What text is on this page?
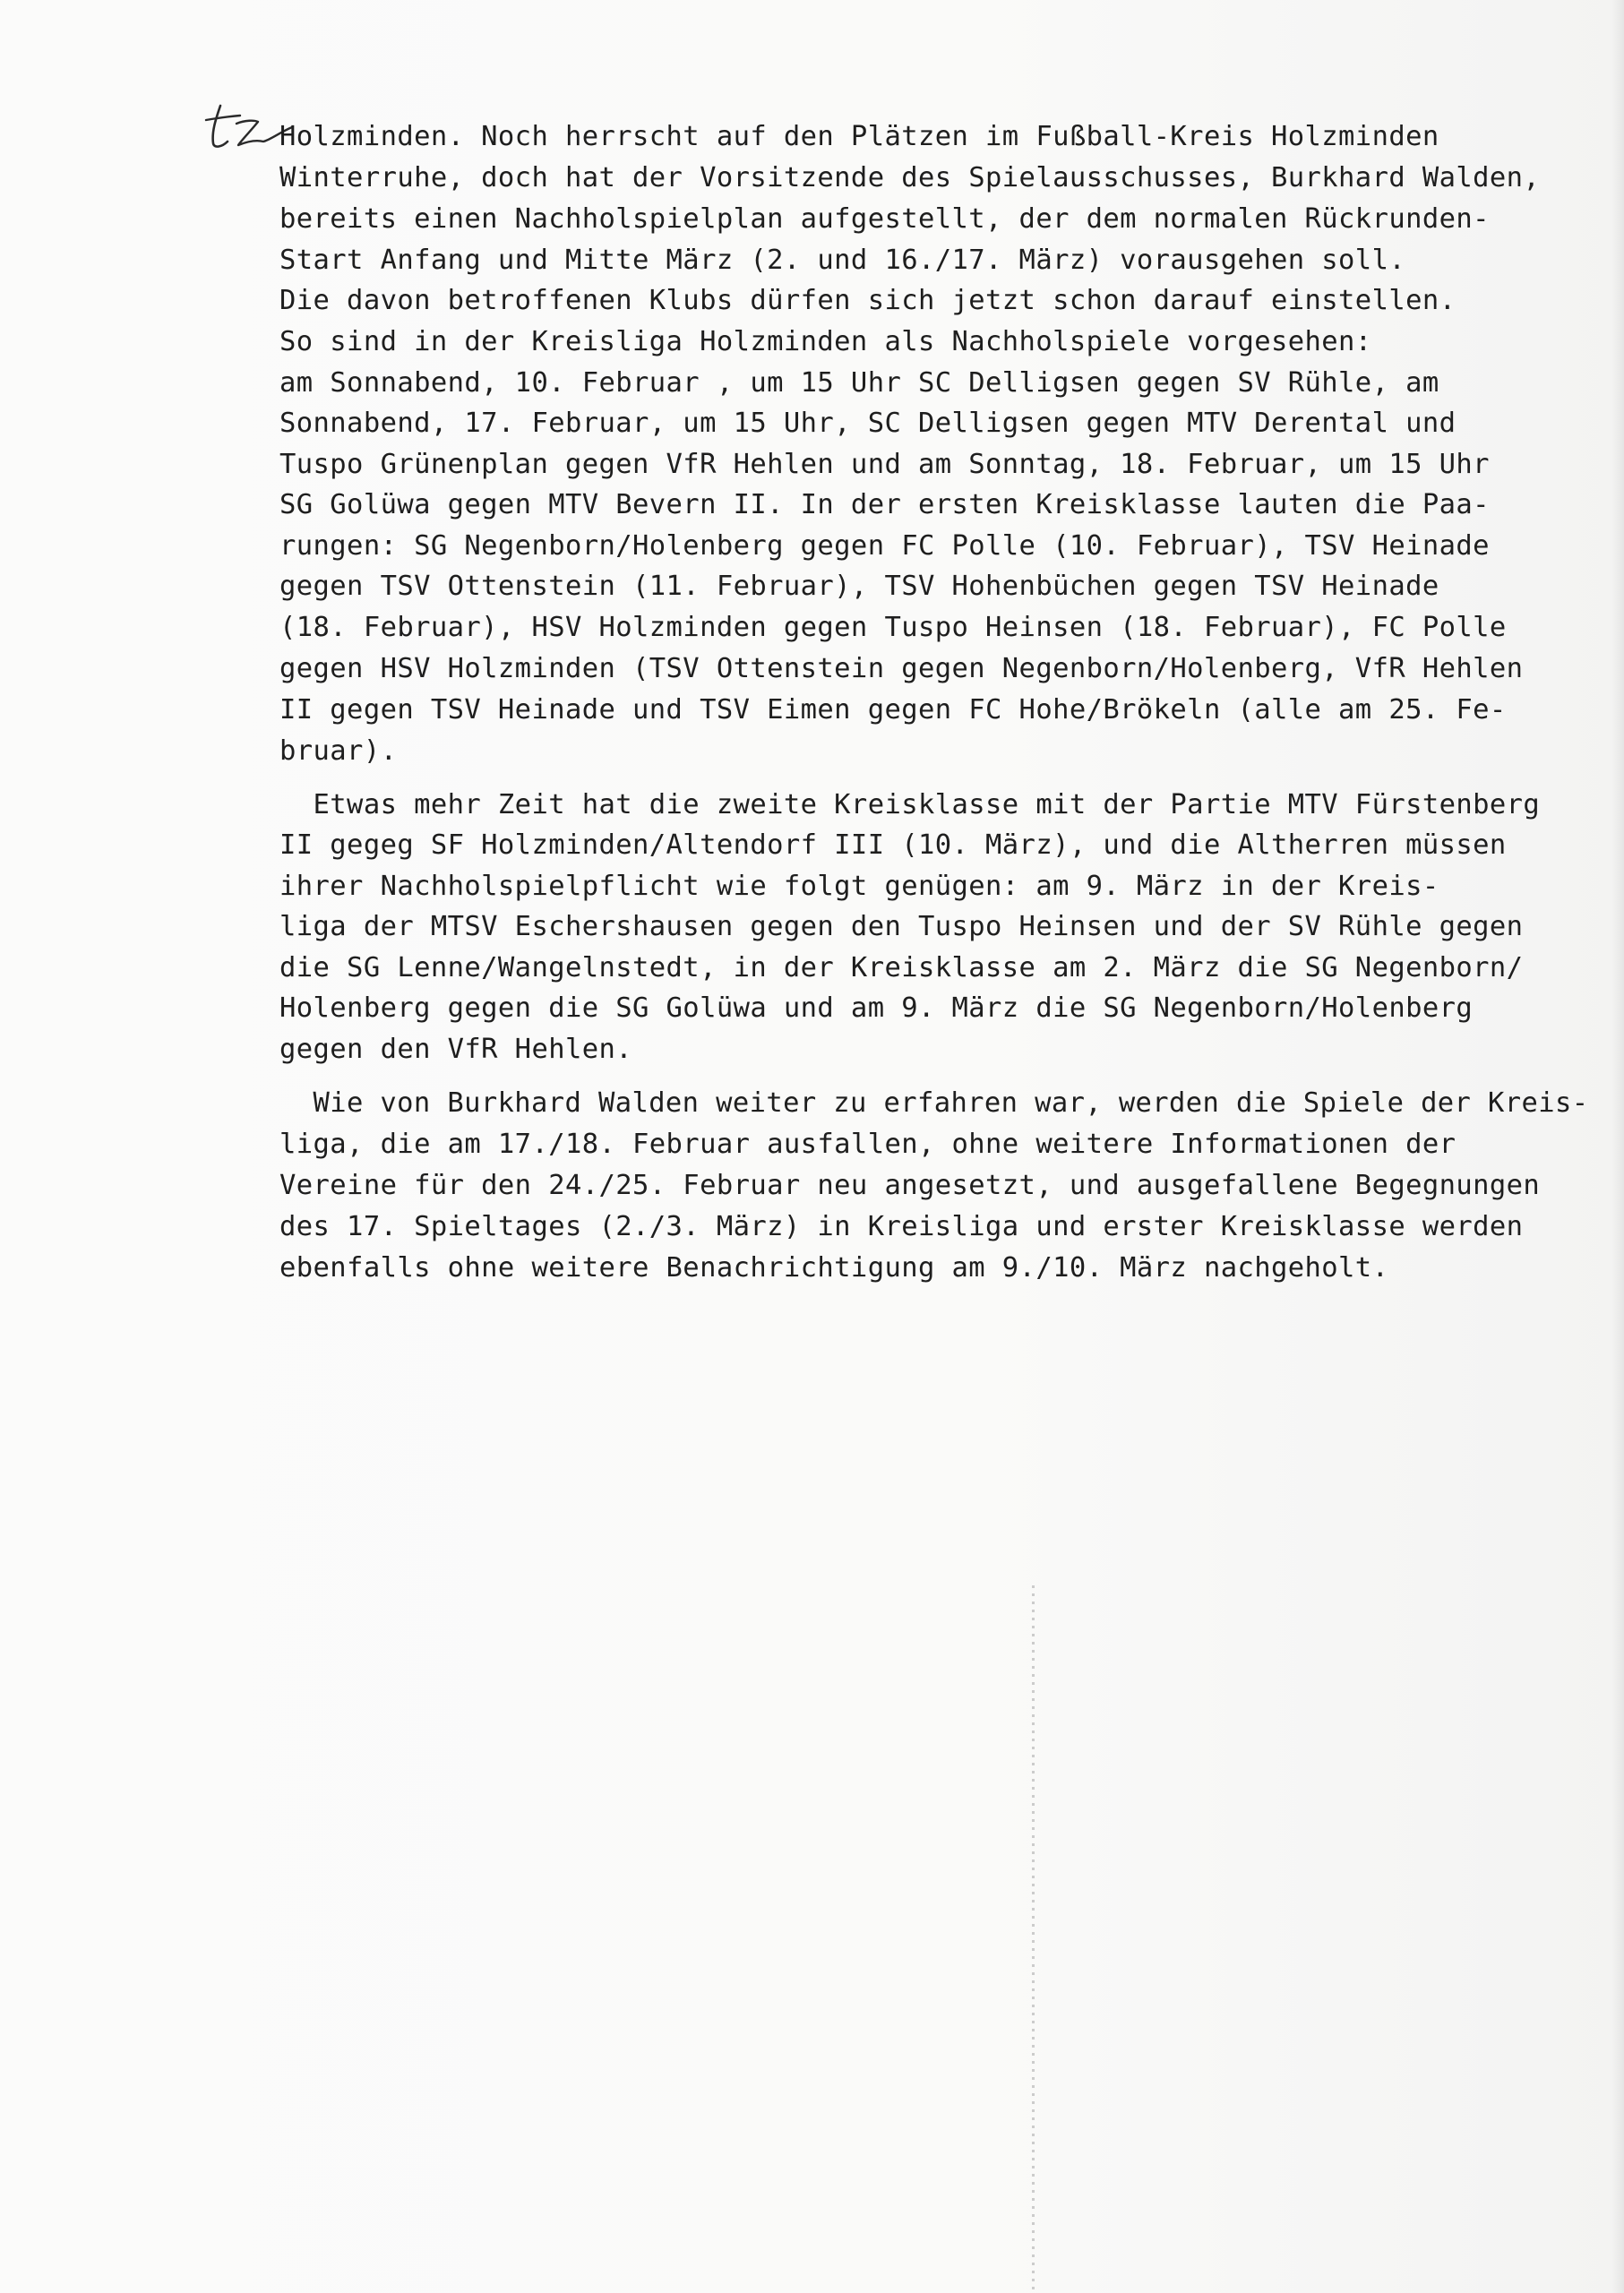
Holzminden. Noch herrscht auf den Plätzen im Fußball-Kreis Holzminden
Winterruhe, doch hat der Vorsitzende des Spielausschusses, Burkhard Walden,
bereits einen Nachholspielplan aufgestellt, der dem normalen Rückrunden-
Start Anfang und Mitte März (2. und 16./17. März) vorausgehen soll.
Die davon betroffenen Klubs dürfen sich jetzt schon darauf einstellen.
So sind in der Kreisliga Holzminden als Nachholspiele vorgesehen:
am Sonnabend, 10. Februar , um 15 Uhr SC Delligsen gegen SV Rühle, am
Sonnabend, 17. Februar, um 15 Uhr, SC Delligsen gegen MTV Derental und
Tuspo Grünenplan gegen VfR Hehlen und am Sonntag, 18. Februar, um 15 Uhr
SG Golüwa gegen MTV Bevern II. In der ersten Kreisklasse lauten die Paa-
rungen: SG Negenborn/Holenberg gegen FC Polle (10. Februar), TSV Heinade
gegen TSV Ottenstein (11. Februar), TSV Hohenbüchen gegen TSV Heinade
(18. Februar), HSV Holzminden gegen Tuspo Heinsen (18. Februar), FC Polle
gegen HSV Holzminden (TSV Ottenstein gegen Negenborn/Holenberg, VfR Hehlen
II gegen TSV Heinade und TSV Eimen gegen FC Hohe/Brökeln (alle am 25. Fe-
bruar).
Etwas mehr Zeit hat die zweite Kreisklasse mit der Partie MTV Fürstenberg
II gegeg SF Holzminden/Altendorf III (10. März), und die Altherren müssen
ihrer Nachholspielpflicht wie folgt genügen: am 9. März in der Kreis-
liga der MTSV Eschershausen gegen den Tuspo Heinsen und der SV Rühle gegen
die SG Lenne/Wangelnstedt, in der Kreisklasse am 2. März die SG Negenborn/
Holenberg gegen die SG Golüwa und am 9. März die SG Negenborn/Holenberg
gegen den VfR Hehlen.
Wie von Burkhard Walden weiter zu erfahren war, werden die Spiele der Kreis-
liga, die am 17./18. Februar ausfallen, ohne weitere Informationen der
Vereine für den 24./25. Februar neu angesetzt, und ausgefallene Begegnungen
des 17. Spieltages (2./3. März) in Kreisliga und erster Kreisklasse werden
ebenfalls ohne weitere Benachrichtigung am 9./10. März nachgeholt.
